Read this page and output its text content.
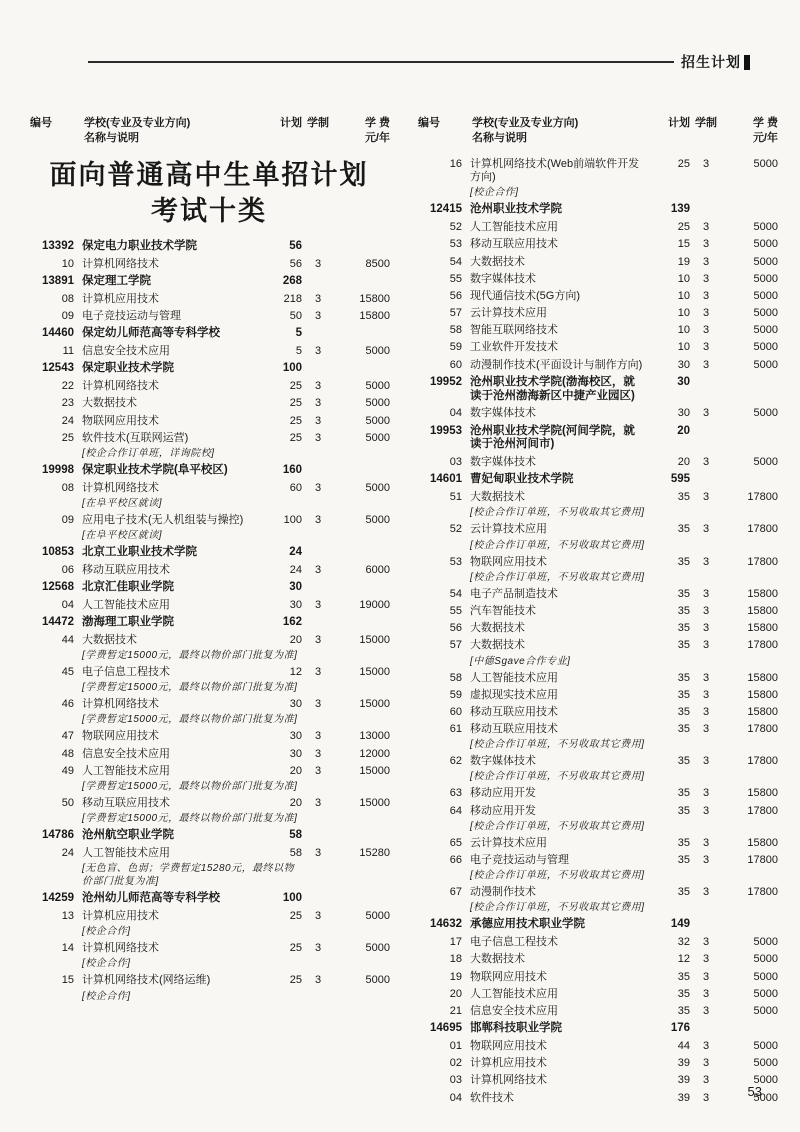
招生计划
编号	学校(专业及专业方向)
名称与说明
计划 学制	学 费
元/年
编号	学校(专业及专业方向)
名称与说明
计划 学制	学 费
元/年
面向普通高中生单招计划
考试十类
13392 保定电力职业技术学院	56
10 计算机网络技术	56	3	8500
13891 保定理工学院	268
08 计算机应用技术	218	3	15800
09 电子竞技运动与管理	50	3	15800
14460 保定幼儿师范高等专科学校	5
11 信息安全技术应用	5	3	5000
12543 保定职业技术学院	100
22 计算机网络技术	25	3	5000
23 大数据技术	25	3	5000
24 物联网应用技术	25	3	5000
25 软件技术(互联网运营)	25	3	5000
[校企合作订单班，详询院校]
19998 保定职业技术学院(阜平校区)	160
08 计算机网络技术	60	3	5000
[在阜平校区就读]
09 应用电子技术(无人机组装与操控)	100	3	5000
[在阜平校区就读]
10853 北京工业职业技术学院	24
06 移动互联应用技术	24	3	6000
12568 北京汇佳职业学院	30
04 人工智能技术应用	30	3	19000
14472 渤海理工职业学院	162
44 大数据技术	20	3	15000
[学费暂定15000元，最终以物价部门批复为准]
45 电子信息工程技术	12	3	15000
[学费暂定15000元，最终以物价部门批复为准]
46 计算机网络技术	30	3	15000
[学费暂定15000元，最终以物价部门批复为准]
47 物联网应用技术	30	3	13000
48 信息安全技术应用	30	3	12000
49 人工智能技术应用	20	3	15000
[学费暂定15000元，最终以物价部门批复为准]
50 移动互联应用技术	20	3	15000
[学费暂定15000元，最终以物价部门批复为准]
14786 沧州航空职业学院	58
24 人工智能技术应用	58	3	15280
[无色盲、色弱；学费暂定15280元，最终以物价部门批复为准]
14259 沧州幼儿师范高等专科学校	100
13 计算机应用技术	25	3	5000
[校企合作]
14 计算机网络技术	25	3	5000
[校企合作]
15 计算机网络技术(网络运维)	25	3	5000
[校企合作]
16 计算机网络技术(Web前端软件开发方向)
25	3	5000
[校企合作]
12415 沧州职业技术学院	139
52 人工智能技术应用	25	3	5000
53 移动互联应用技术	15	3	5000
54 大数据技术	19	3	5000
55 数字媒体技术	10	3	5000
56 现代通信技术(5G方向)	10	3	5000
57 云计算技术应用	10	3	5000
58 智能互联网络技术	10	3	5000
59 工业软件开发技术	10	3	5000
60 动漫制作技术(平面设计与制作方向)	30	3	5000
19952 沧州职业技术学院(渤海校区，就读于沧州渤海新区中捷产业园区)
30
04 数字媒体技术	30	3	5000
19953 沧州职业技术学院(河间学院，就读于沧州河间市)
20
03 数字媒体技术	20	3	5000
14601 曹妃甸职业技术学院	595
51 大数据技术	35	3	17800
[校企合作订单班，不另收取其它费用]
52 云计算技术应用	35	3	17800
[校企合作订单班，不另收取其它费用]
53 物联网应用技术	35	3	17800
[校企合作订单班，不另收取其它费用]
54 电子产品制造技术	35	3	15800
55 汽车智能技术	35	3	15800
56 大数据技术	35	3	15800
57 大数据技术	35	3	17800
[中德Sgave合作专业]
58 人工智能技术应用	35	3	15800
59 虚拟现实技术应用	35	3	15800
60 移动互联应用技术	35	3	15800
61 移动互联应用技术	35	3	17800
[校企合作订单班，不另收取其它费用]
62 数字媒体技术	35	3	17800
[校企合作订单班，不另收取其它费用]
63 移动应用开发	35	3	15800
64 移动应用开发	35	3	17800
[校企合作订单班，不另收取其它费用]
65 云计算技术应用	35	3	15800
66 电子竞技运动与管理	35	3	17800
[校企合作订单班，不另收取其它费用]
67 动漫制作技术	35	3	17800
[校企合作订单班，不另收取其它费用]
14632 承德应用技术职业学院	149
17 电子信息工程技术	32	3	5000
18 大数据技术	12	3	5000
19 物联网应用技术	35	3	5000
20 人工智能技术应用	35	3	5000
21 信息安全技术应用	35	3	5000
14695 邯郸科技职业学院	176
01 物联网应用技术	44	3	5000
02 计算机应用技术	39	3	5000
03 计算机网络技术	39	3	5000
04 软件技术	39	3	5000
53
